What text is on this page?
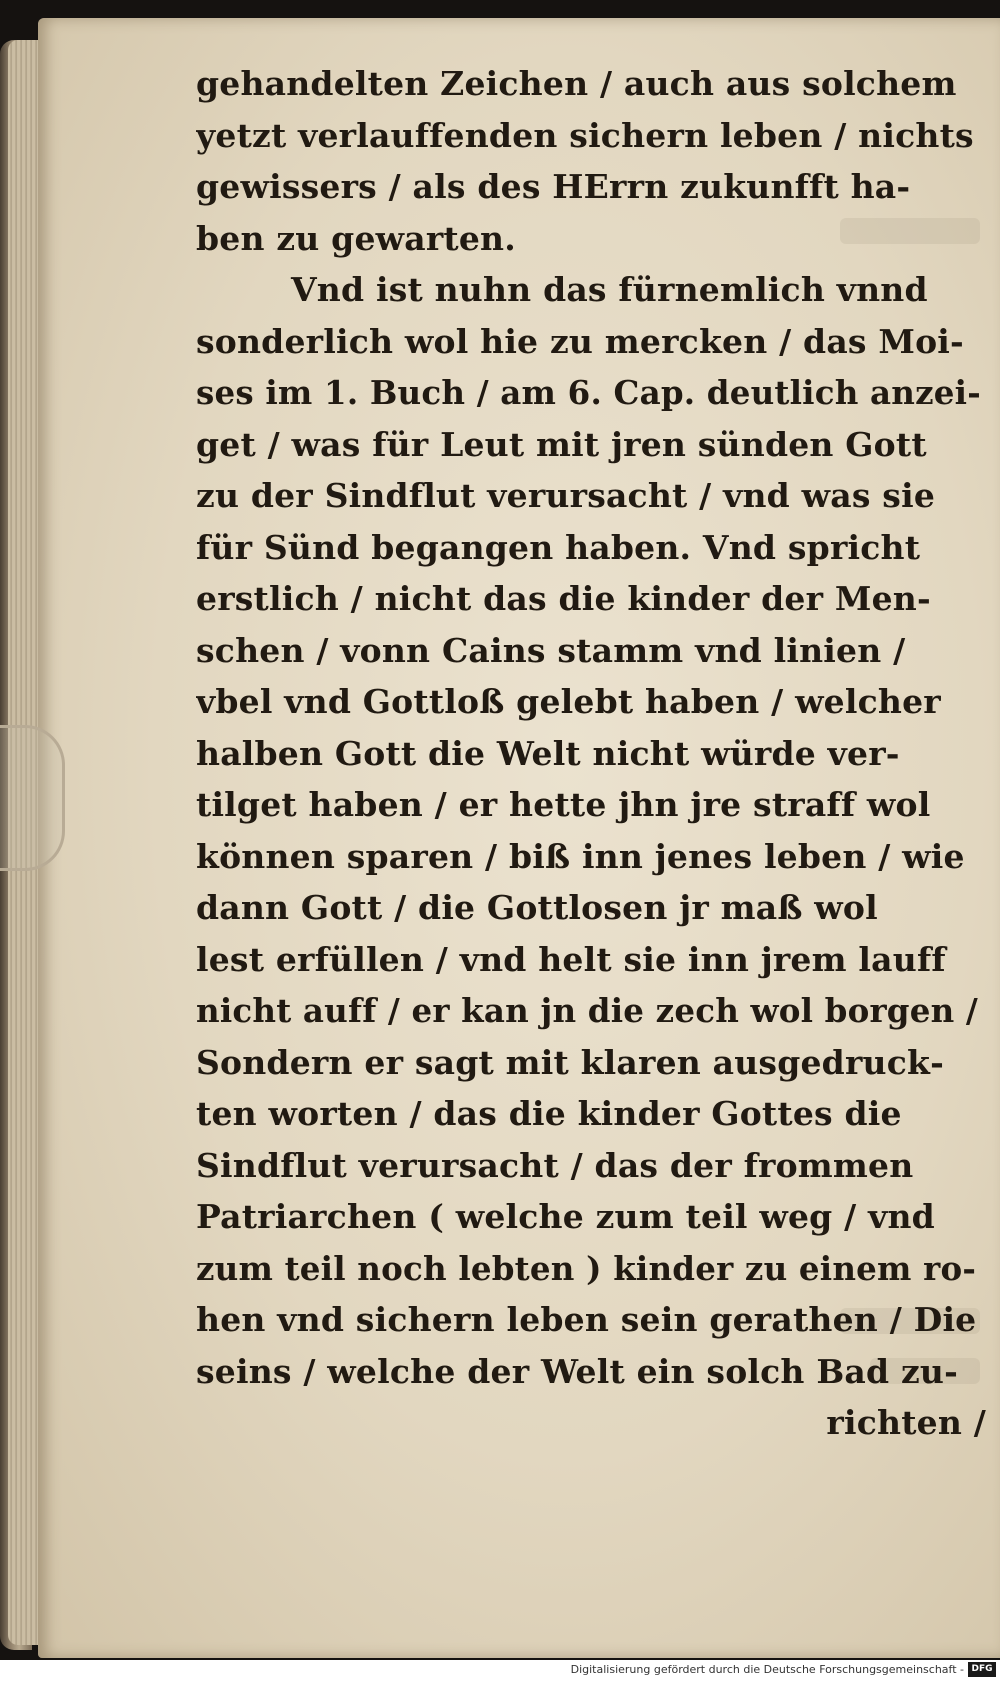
gehandelten Zeichen / auch aus solchem
yetzt verlauffenden sichern leben / nichts
gewissers / als des HErrn zukunfft ha‑
ben zu gewarten.
Vnd ist nuhn das fürnemlich vnnd
sonderlich wol hie zu mercken / das Moi‑
ses im 1. Buch / am 6. Cap. deutlich anzei‑
get / was für Leut mit jren sünden Gott
zu der Sindflut verursacht / vnd was sie
für Sünd begangen haben. Vnd spricht
erstlich / nicht das die kinder der Men‑
schen / vonn Cains stamm vnd linien /
vbel vnd Gottloß gelebt haben / welcher
halben Gott die Welt nicht würde ver‑
tilget haben / er hette jhn jre straff wol
können sparen / biß inn jenes leben / wie
dann Gott / die Gottlosen jr maß wol
lest erfüllen / vnd helt sie inn jrem lauff
nicht auff / er kan jn die zech wol borgen /
Sondern er sagt mit klaren ausgedruck‑
ten worten / das die kinder Gottes die
Sindflut verursacht / das der frommen
Patriarchen ( welche zum teil weg / vnd
zum teil noch lebten ) kinder zu einem ro‑
hen vnd sichern leben sein gerathen / Die
seins / welche der Welt ein solch Bad zu‑
richten /
Digitalisierung gefördert durch die Deutsche Forschungsgemeinschaft - DFG
